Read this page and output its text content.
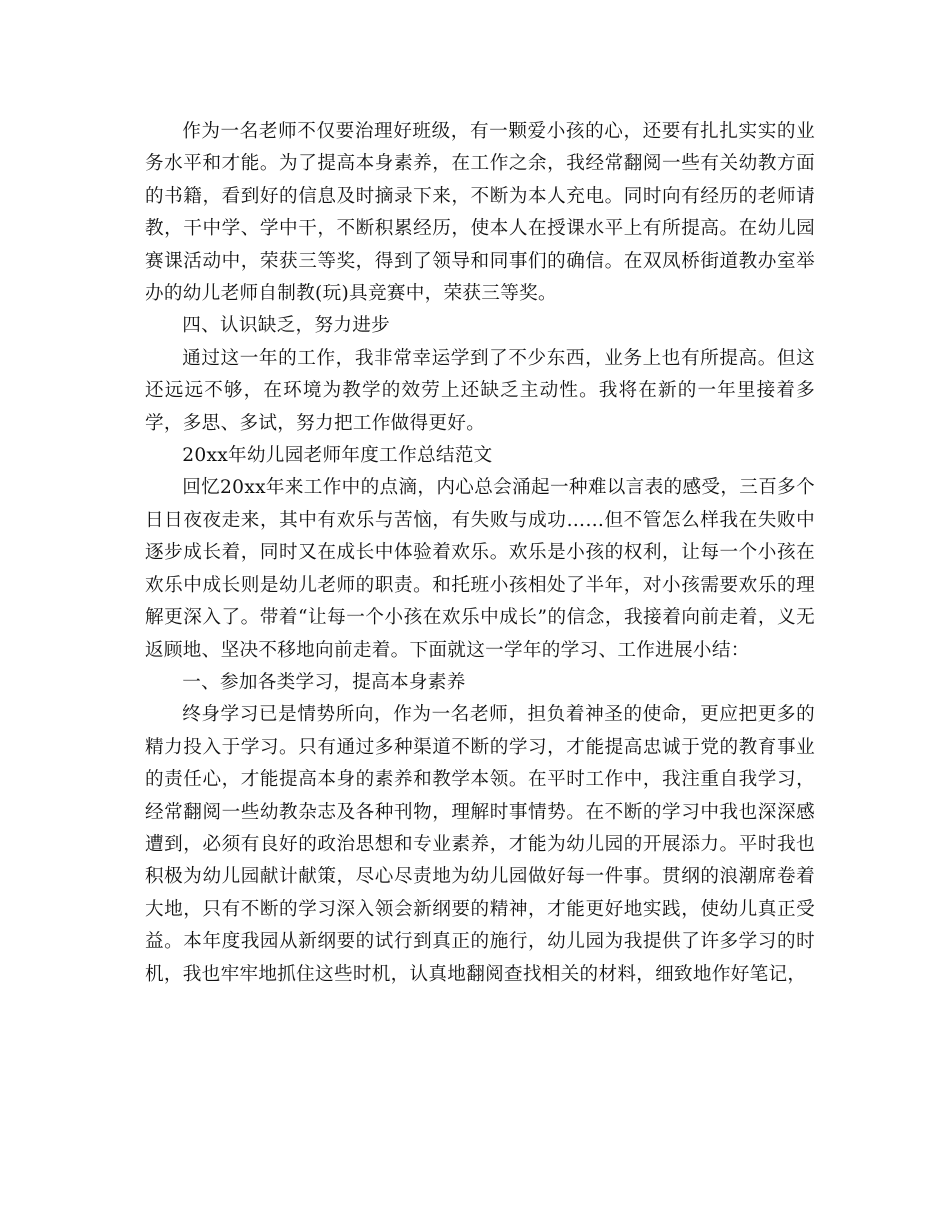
作为一名老师不仅要治理好班级，有一颗爱小孩的心，还要有扎扎实实的业务水平和才能。为了提高本身素养，在工作之余，我经常翻阅一些有关幼教方面的书籍，看到好的信息及时摘录下来，不断为本人充电。同时向有经历的老师请教，干中学、学中干，不断积累经历，使本人在授课水平上有所提高。在幼儿园赛课活动中，荣获三等奖，得到了领导和同事们的确信。在双凤桥街道教办室举办的幼儿老师自制教(玩)具竞赛中，荣获三等奖。

四、认识缺乏，努力进步

通过这一年的工作，我非常幸运学到了不少东西，业务上也有所提高。但这还远远不够，在环境为教学的效劳上还缺乏主动性。我将在新的一年里接着多学，多思、多试，努力把工作做得更好。

20xx年幼儿园老师年度工作总结范文

回忆20xx年来工作中的点滴，内心总会涌起一种难以言表的感受，三百多个日日夜夜走来，其中有欢乐与苦恼，有失败与成功……但不管怎么样我在失败中逐步成长着，同时又在成长中体验着欢乐。欢乐是小孩的权利，让每一个小孩在欢乐中成长则是幼儿老师的职责。和托班小孩相处了半年，对小孩需要欢乐的理解更深入了。带着“让每一个小孩在欢乐中成长”的信念，我接着向前走着，义无返顾地、坚决不移地向前走着。下面就这一学年的学习、工作进展小结：

一、参加各类学习，提高本身素养

终身学习已是情势所向，作为一名老师，担负着神圣的使命，更应把更多的精力投入于学习。只有通过多种渠道不断的学习，才能提高忠诚于党的教育事业的责任心，才能提高本身的素养和教学本领。在平时工作中，我注重自我学习，经常翻阅一些幼教杂志及各种刊物，理解时事情势。在不断的学习中我也深深感遭到，必须有良好的政治思想和专业素养，才能为幼儿园的开展添力。平时我也积极为幼儿园献计献策，尽心尽责地为幼儿园做好每一件事。贯纲的浪潮席卷着大地，只有不断的学习深入领会新纲要的精神，才能更好地实践，使幼儿真正受益。本年度我园从新纲要的试行到真正的施行，幼儿园为我提供了许多学习的时机，我也牢牢地抓住这些时机，认真地翻阅查找相关的材料，细致地作好笔记，
